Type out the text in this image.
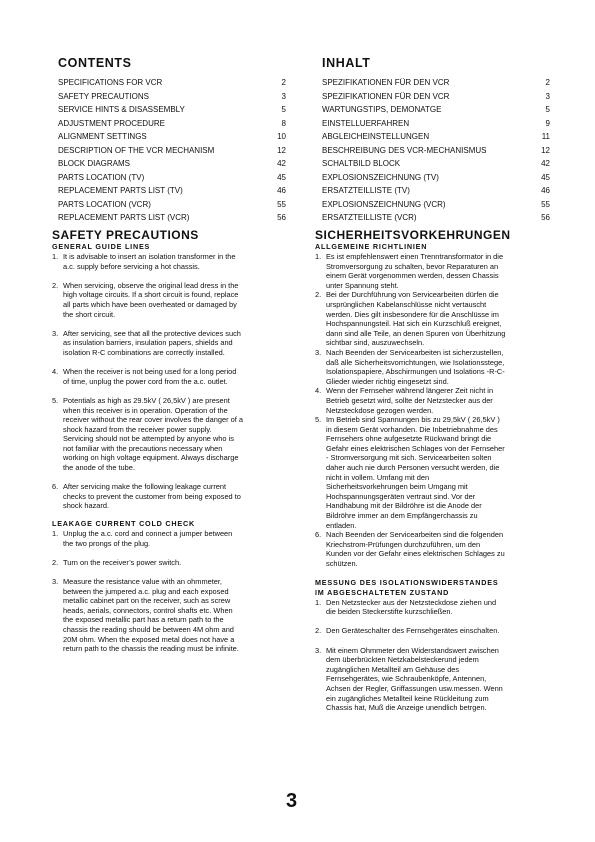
CONTENTS
SPECIFICATIONS FOR VCR	2
SAFETY PRECAUTIONS	3
SERVICE HINTS & DISASSEMBLY	5
ADJUSTMENT PROCEDURE	8
ALIGNMENT SETTINGS	10
DESCRIPTION OF THE VCR MECHANISM	12
BLOCK DIAGRAMS	42
PARTS LOCATION (TV)	45
REPLACEMENT PARTS LIST (TV)	46
PARTS LOCATION (VCR)	55
REPLACEMENT PARTS LIST (VCR)	56
INHALT
SPEZIFIKATIONEN FÜR DEN VCR	2
SPEZIFIKATIONEN FÜR DEN VCR	3
WARTUNGSTIPS, DEMONATGE	5
EINSTELLUERFAHREN	9
ABGLEICHEINSTELLUNGEN	11
BESCHREIBUNG DES VCR-MECHANISMUS	12
SCHALTBILD BLOCK	42
EXPLOSIONSZEICHNUNG (TV)	45
ERSATZTEILLISTE (TV)	46
EXPLOSIONSZEICHNUNG (VCR)	55
ERSATZTEILLISTE (VCR)	56
SAFETY PRECAUTIONS
GENERAL GUIDE LINES
1. It is advisable to insert an isolation transformer in the
a.c. supply before servicing a hot chassis.
2. When servicing, observe the original lead dress in the
high voltage circuits. If a short circuit is found, replace
all parts which have been overheated or damaged by
the short circuit.
3. After servicing, see that all the protective devices such
as insulation barriers, insulation papers, shields and
isolation R-C combinations are correctly installed.
4. When the receiver is not being used for a long period
of time, unplug the power cord from the a.c. outlet.
5. Potentials as high as 29.5kV ( 26,5kV ) are present
when this receiver is in operation. Operation of the
receiver without the rear cover involves the danger of a
shock hazard from the receiver power supply.
Servicing should not be attempted by anyone who is
not familiar with the precautions necessary when
working on high voltage equipment. Always discharge
the anode of the tube.
6. After servicing make the following leakage current
checks to prevent the customer from being exposed to
shock hazard.
LEAKAGE CURRENT COLD CHECK
1. Unplug the a.c. cord and connect a jumper between
the two prongs of the plug.
2. Turn on the receiver’s power switch.
3. Measure the resistance value with an ohmmeter,
between the jumpered a.c. plug and each exposed
metallic cabinet part on the receiver, such as screw
heads, aerials, connectors, control shafts etc. When
the exposed metallic part has a return path to the
chassis the reading should be between 4M ohm and
20M ohm. When the exposed metal does not have a
return path to the chassis the reading must be infinite.
SICHERHEITSVORKEHRUNGEN
ALLGEMEINE RICHTLINIEN
1. Es ist empfehlenswert einen Trenntransformator in die
Stromversorgung zu schalten, bevor Reparaturen an
einem Gerät vorgenommen werden, dessen Chassis
unter Spannung steht.
2. Bei der Durchführung von Servicearbeiten dürfen die
ursprünglichen Kabelanschlüsse nicht vertauscht
werden. Dies gilt insbesondere für die Anschlüsse im
Hochspannungsteil. Hat sich ein Kurzschluß ereignet,
dann sind alle Teile, an denen Spuren von Überhitzung
sichtbar sind, auszuwechseln.
3. Nach Beenden der Servicearbeiten ist sicherzustellen,
daß alle Sicherheitsvorrichtungen, wie Isolationsstege,
Isolationspapiere, Abschirmungen und Isolations -R-C-
Glieder wieder richtig eingesetzt sind.
4. Wenn der Fernseher während längerer Zeit nicht in
Betrieb gesetzt wird, sollte der Netzstecker aus der
Netzsteckdose gezogen werden.
5. Im Betrieb sind Spannungen bis zu 29,5kV ( 26,5kV )
in diesem Gerät vorhanden. Die Inbetriebnahme des
Fernsehers ohne aufgesetzte Rückwand bringt die
Gefahr eines elektrischen Schlages von der Fernseher
- Stromversorgung mit sich. Servicearbeiten solten
daher auch nie durch Personen versucht werden, die
nicht in vollem. Umfang mit den
Sicherheitsvorkehrungen beim Umgang mit
Hochspannungsgeräten vertraut sind. Vor der
Handhabung mit der Bildröhre ist die Anode der
Bildröhre immer an dem Empfängerchassis zu
entladen.
6. Nach Beenden der Servicearbeiten sind die folgenden
Kriechstrom-Prüfungen durchzuführen, um den
Kunden vor der Gefahr eines elektrischen Schlages zu
schützen.
MESSUNG DES ISOLATIONSWIDERSTANDES
IM ABGESCHALTETEN ZUSTAND
1. Den Netzstecker aus der Netzsteckdose ziehen und
die beiden Steckerstifte kurzschließen.
2. Den Geräteschalter des Fernsehgerätes einschalten.
3. Mit einem Ohmmeter den Widerstandswert zwischen
dem überbrückten Netzkabelsteckerund jedem
zugänglichen Metallteil am Gehäuse des
Fernsehgerätes, wie Schraubenköpfe, Antennen,
Achsen der Regler, Griffassungen usw.messen. Wenn
ein zugängliches Metallteil keine Rückleitung zum
Chassis hat, Muß die Anzeige unendlich betrgen.
3
